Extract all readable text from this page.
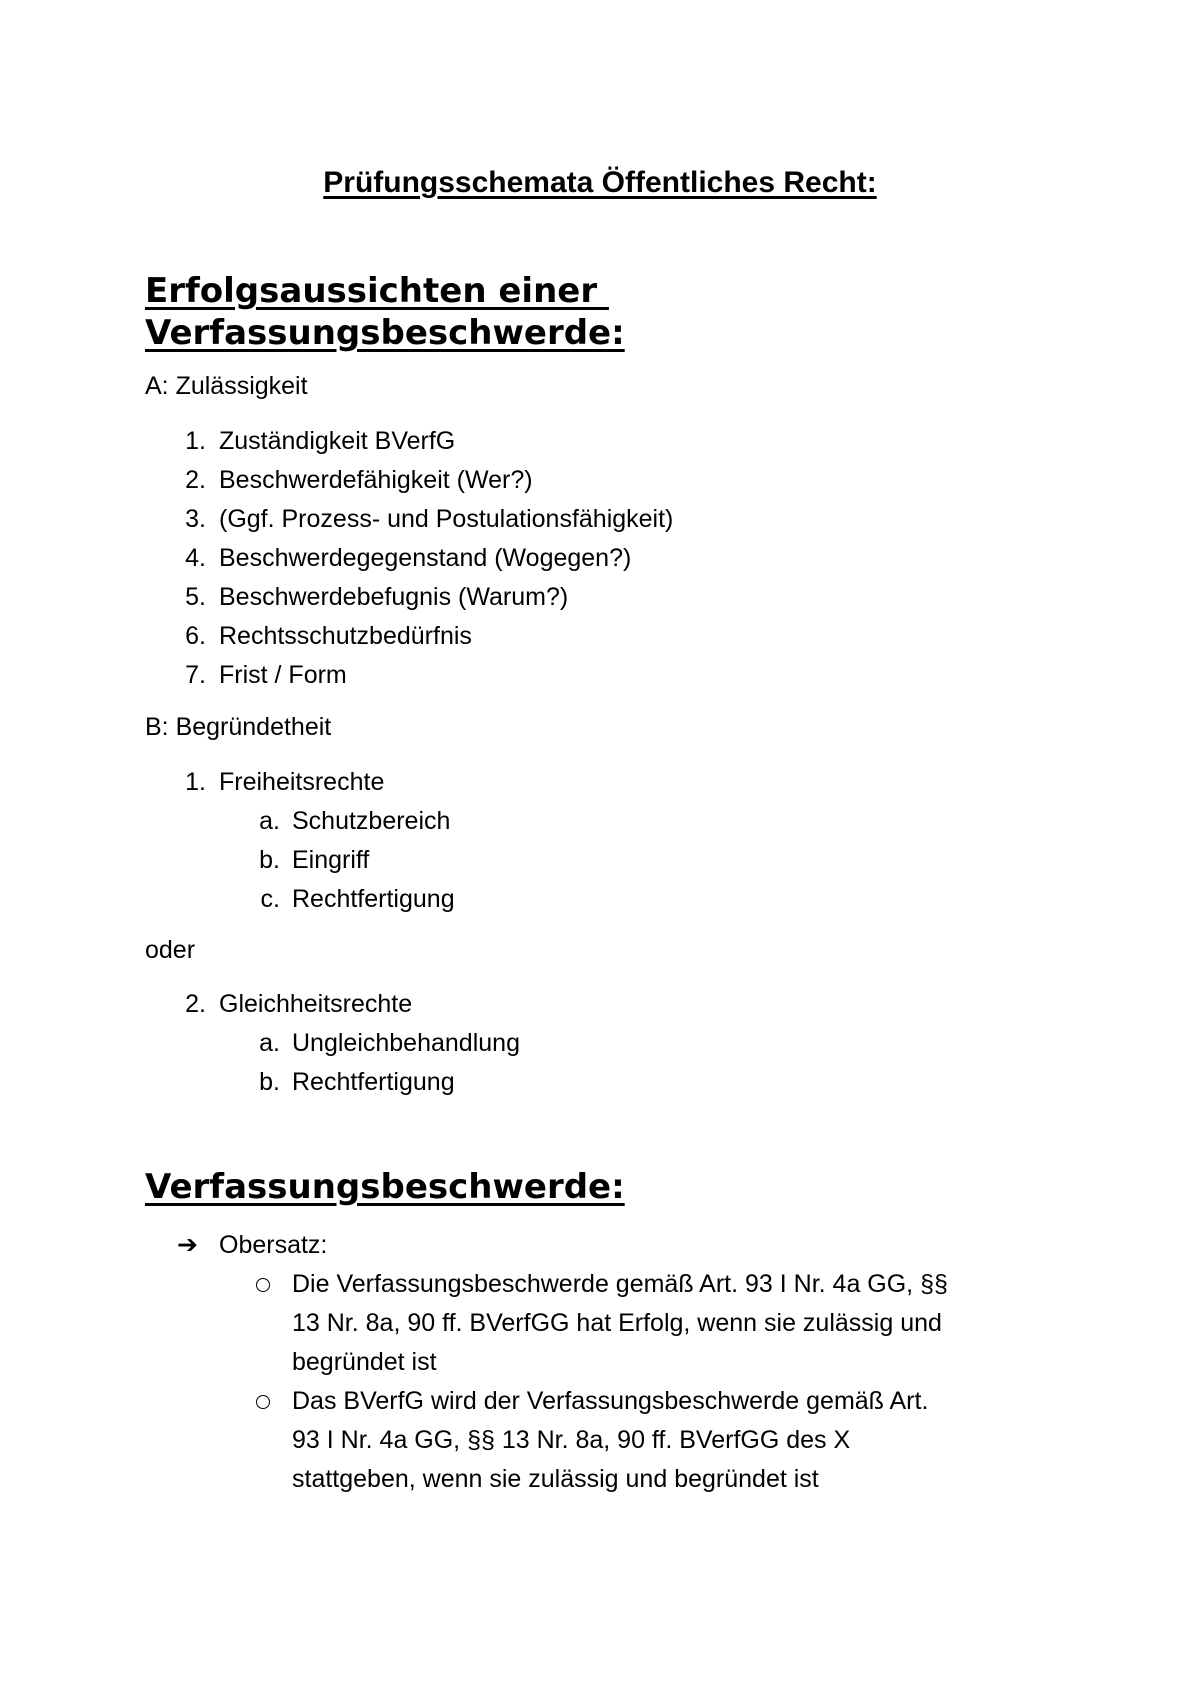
Prüfungsschemata Öffentliches Recht:
Erfolgsaussichten einer
Verfassungsbeschwerde:
A: Zulässigkeit
1. Zuständigkeit BVerfG
2. Beschwerdefähigkeit (Wer?)
3. (Ggf. Prozess- und Postulationsfähigkeit)
4. Beschwerdegegenstand (Wogegen?)
5. Beschwerdebefugnis (Warum?)
6. Rechtsschutzbedürfnis
7. Frist / Form
B: Begründetheit
1. Freiheitsrechte
a. Schutzbereich
b. Eingriff
c. Rechtfertigung
oder
2. Gleichheitsrechte
a. Ungleichbehandlung
b. Rechtfertigung
Verfassungsbeschwerde:
➔ Obersatz:
Die Verfassungsbeschwerde gemäß Art. 93 I Nr. 4a GG, §§
13 Nr. 8a, 90 ff. BVerfGG hat Erfolg, wenn sie zulässig und
begründet ist
Das BVerfG wird der Verfassungsbeschwerde gemäß Art.
93 I Nr. 4a GG, §§ 13 Nr. 8a, 90 ff. BVerfGG des X
stattgeben, wenn sie zulässig und begründet ist
